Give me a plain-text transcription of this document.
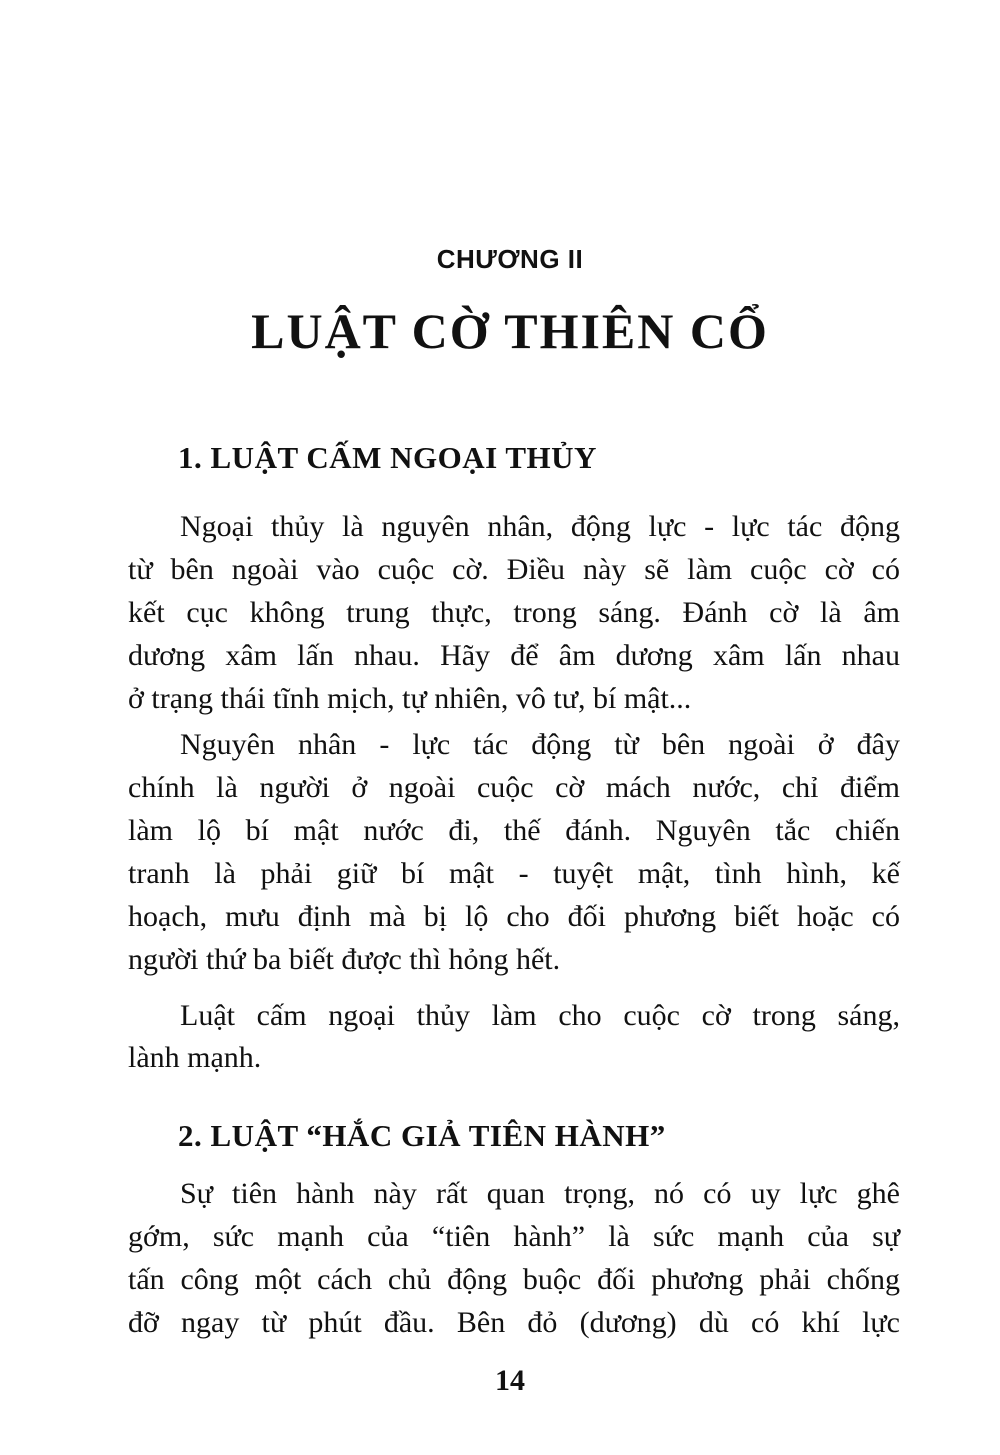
CHƯƠNG II
LUẬT CỜ THIÊN CỔ
1. LUẬT CẤM NGOẠI THỦY
Ngoại thủy là nguyên nhân, động lực - lực tác động
từ bên ngoài vào cuộc cờ. Điều này sẽ làm cuộc cờ có
kết cục không trung thực, trong sáng. Đánh cờ là âm
dương xâm lấn nhau. Hãy để âm dương xâm lấn nhau
ở trạng thái tĩnh mịch, tự nhiên, vô tư, bí mật...
Nguyên nhân - lực tác động từ bên ngoài ở đây
chính là người ở ngoài cuộc cờ mách nước, chỉ điểm
làm lộ bí mật nước đi, thế đánh. Nguyên tắc chiến
tranh là phải giữ bí mật - tuyệt mật, tình hình, kế
hoạch, mưu định mà bị lộ cho đối phương biết hoặc có
người thứ ba biết được thì hỏng hết.
Luật cấm ngoại thủy làm cho cuộc cờ trong sáng,
lành mạnh.
2. LUẬT “HẮC GIẢ TIÊN HÀNH”
Sự tiên hành này rất quan trọng, nó có uy lực ghê
gớm, sức mạnh của “tiên hành” là sức mạnh của sự
tấn công một cách chủ động buộc đối phương phải chống
đỡ ngay từ phút đầu. Bên đỏ (dương) dù có khí lực
14
